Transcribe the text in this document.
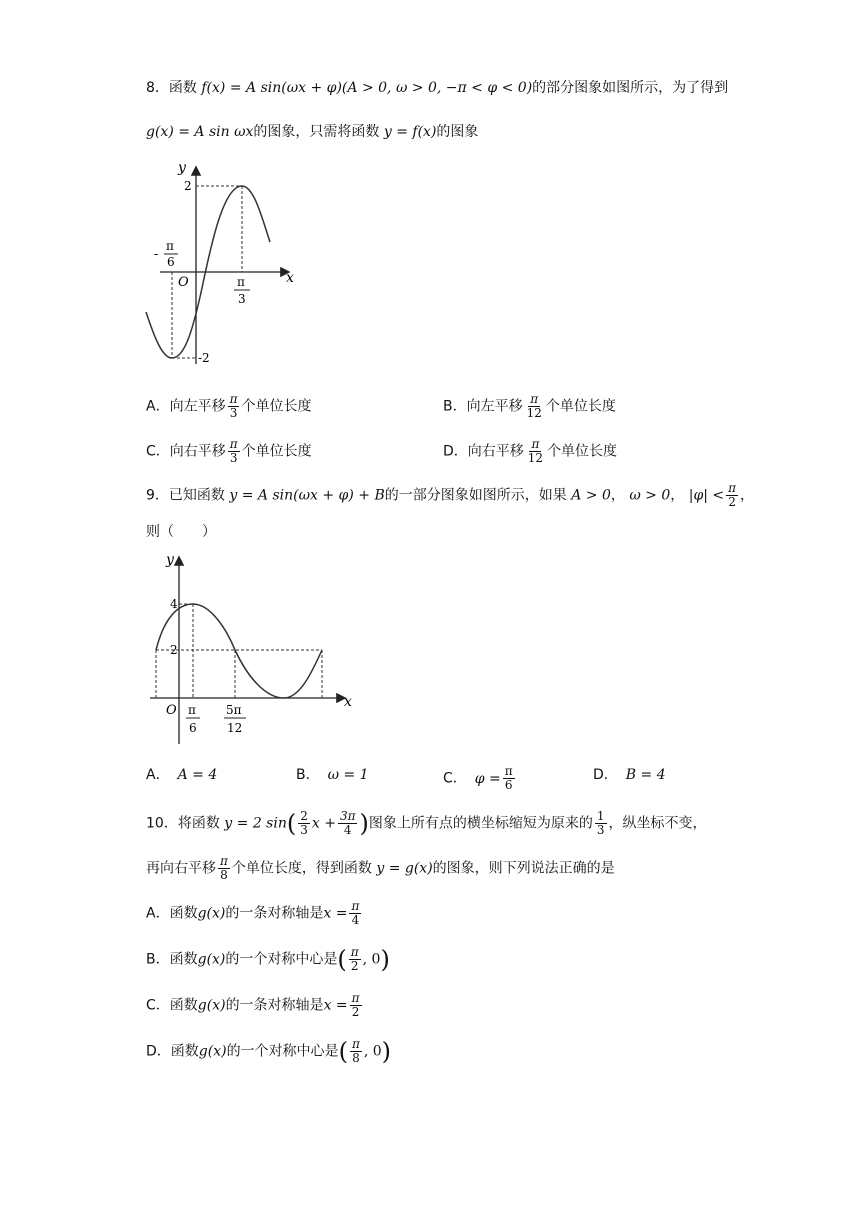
8．函数 f(x) = A sin(ωx + φ)(A > 0, ω > 0, −π < φ < 0)的部分图象如图所示，为了得到
g(x) = A sin ωx的图象，只需将函数 y = f(x)的图象
y
x
O
2
-2
-
π
6
π
3
A．向左平移 $\frac{\pi}{3}$ 个单位长度	B．向左平移 $\frac{\pi}{12}$ 个单位长度
C．向右平移 $\frac{\pi}{3}$ 个单位长度	D．向右平移 $\frac{\pi}{12}$ 个单位长度
9．已知函数 y = A sin(ωx + φ) + B的一部分图象如图所示，如果 A > 0， ω > 0， $|\varphi| < \frac{\pi}{2}$ ，
则（　　）
y
x
O
4
2
π
6
5π
12
A． A = 4	B． ω = 1	C． $\varphi = \frac{\pi}{6}$	D． B = 4
10．将函数 y = 2 $\sin( \frac{2}{3}$ $x + \frac{3\pi}{4}$ )图象上所有点的横坐标缩短为原来的 $\frac{1}{3}$ ，纵坐标不变，
再向右平移 $\frac{\pi}{8}$ 个单位长度，得到函数 y = g(x)的图象，则下列说法正确的是
A．函数g(x)的一条对称轴是$x = \frac{\pi}{4}$
B．函数g(x)的一个对称中心是( $\frac{\pi}{2}$ , 0)
C．函数g(x)的一条对称轴是$x = \frac{\pi}{2}$
D．函数g(x)的一个对称中心是( $\frac{\pi}{8}$ , 0)
